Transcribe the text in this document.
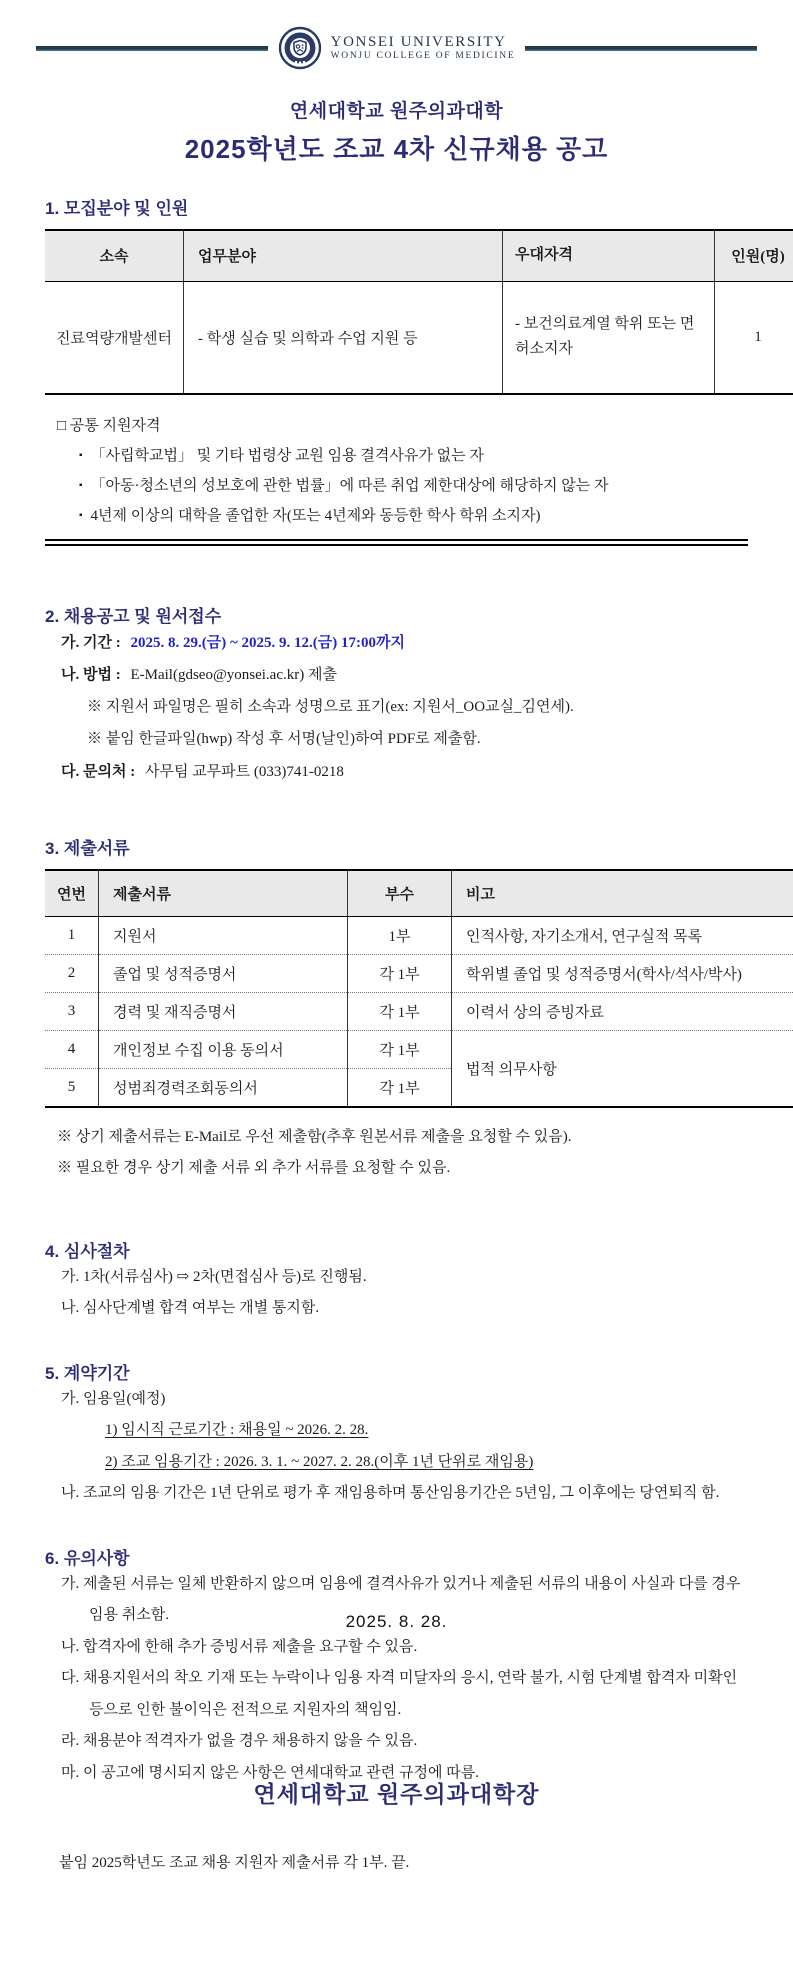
YONSEI UNIVERSITY
WONJU COLLEGE OF MEDICINE
연세대학교 원주의과대학
2025학년도 조교 4차 신규채용 공고
1. 모집분야 및 인원
소속	업무분야	우대자격	인원(명)
진료역량개발센터	- 학생 실습 및 의학과 수업 지원 등	- 보건의료계열 학위 또는 면허소지자	1
□ 공통 지원자격
▪ 「사립학교법」 및 기타 법령상 교원 임용 결격사유가 없는 자
▪ 「아동·청소년의 성보호에 관한 법률」에 따른 취업 제한대상에 해당하지 않는 자
▪ 4년제 이상의 대학을 졸업한 자(또는 4년제와 동등한 학사 학위 소지자)
2. 채용공고 및 원서접수
가. 기간 : 2025. 8. 29.(금) ~ 2025. 9. 12.(금) 17:00까지
나. 방법 : E-Mail(gdseo@yonsei.ac.kr) 제출
※ 지원서 파일명은 필히 소속과 성명으로 표기(ex: 지원서_OO교실_김연세).
※ 붙임 한글파일(hwp) 작성 후 서명(날인)하여 PDF로 제출함.
다. 문의처 : 사무팀 교무파트 (033)741-0218
3. 제출서류
연번	제출서류	부수	비고
1	지원서	1부	인적사항, 자기소개서, 연구실적 목록
2	졸업 및 성적증명서	각 1부	학위별 졸업 및 성적증명서(학사/석사/박사)
3	경력 및 재직증명서	각 1부	이력서 상의 증빙자료
4	개인정보 수집 이용 동의서	각 1부	법적 의무사항
5	성범죄경력조회동의서	각 1부	
※ 상기 제출서류는 E-Mail로 우선 제출함(추후 원본서류 제출을 요청할 수 있음).
※ 필요한 경우 상기 제출 서류 외 추가 서류를 요청할 수 있음.
4. 심사절차
가. 1차(서류심사) ⇨ 2차(면접심사 등)로 진행됨.
나. 심사단계별 합격 여부는 개별 통지함.
5. 계약기간
가. 임용일(예정)
1) 임시직 근로기간 : 채용일 ~ 2026. 2. 28.
2) 조교 임용기간 : 2026. 3. 1. ~ 2027. 2. 28.(이후 1년 단위로 재임용)
나. 조교의 임용 기간은 1년 단위로 평가 후 재임용하며 통산임용기간은 5년임, 그 이후에는 당연퇴직 함.
6. 유의사항
가. 제출된 서류는 일체 반환하지 않으며 임용에 결격사유가 있거나 제출된 서류의 내용이 사실과 다를 경우 임용 취소함.
나. 합격자에 한해 추가 증빙서류 제출을 요구할 수 있음.
다. 채용지원서의 착오 기재 또는 누락이나 임용 자격 미달자의 응시, 연락 불가, 시험 단계별 합격자 미확인 등으로 인한 불이익은 전적으로 지원자의 책임임.
라. 채용분야 적격자가 없을 경우 채용하지 않을 수 있음.
마. 이 공고에 명시되지 않은 사항은 연세대학교 관련 규정에 따름.
붙임 2025학년도 조교 채용 지원자 제출서류 각 1부. 끝.
2025. 8. 28.
연세대학교 원주의과대학장
